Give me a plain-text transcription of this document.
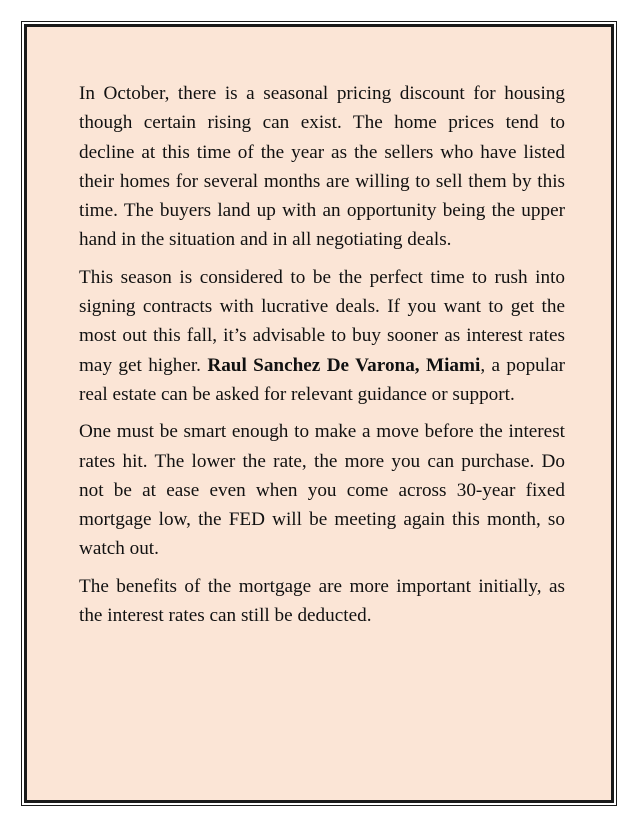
In October, there is a seasonal pricing discount for housing though certain rising can exist. The home prices tend to decline at this time of the year as the sellers who have listed their homes for several months are willing to sell them by this time. The buyers land up with an opportunity being the upper hand in the situation and in all negotiating deals.

This season is considered to be the perfect time to rush into signing contracts with lucrative deals. If you want to get the most out this fall, it’s advisable to buy sooner as interest rates may get higher. Raul Sanchez De Varona, Miami, a popular real estate can be asked for relevant guidance or support.

One must be smart enough to make a move before the interest rates hit. The lower the rate, the more you can purchase. Do not be at ease even when you come across 30-year fixed mortgage low, the FED will be meeting again this month, so watch out.

The benefits of the mortgage are more important initially, as the interest rates can still be deducted.
